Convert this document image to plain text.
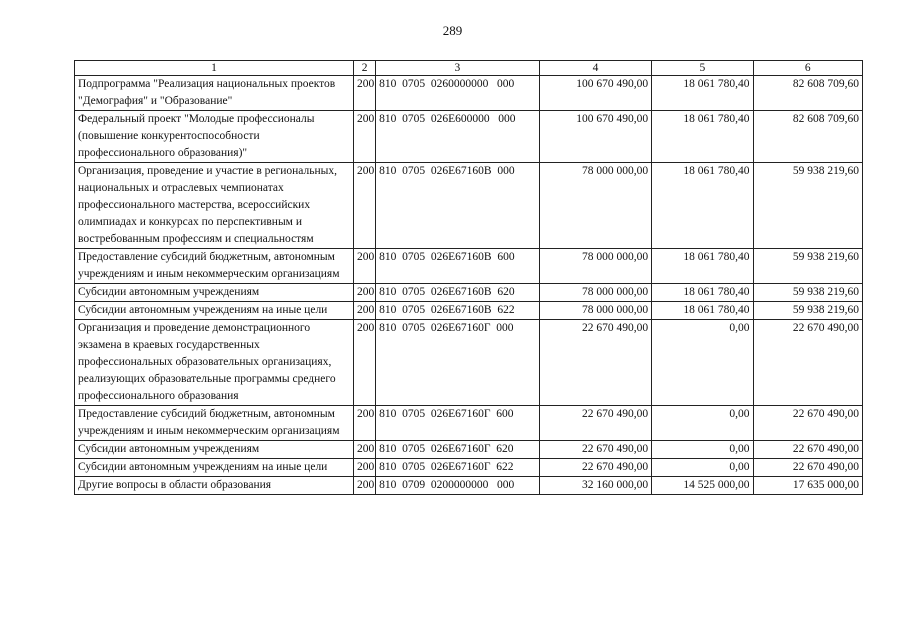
289
1	2	3	4	5	6
Подпрограмма "Реализация национальных проектов "Демография" и "Образование"	200	810  0705  0260000000   000	100 670 490,00	18 061 780,40	82 608 709,60
Федеральный проект "Молодые профессионалы (повышение конкурентоспособности профессионального образования)"	200	810  0705  026Е600000   000	100 670 490,00	18 061 780,40	82 608 709,60
Организация, проведение и участие в региональных, национальных и отраслевых чемпионатах профессионального мастерства, всероссийских олимпиадах и конкурсах по перспективным и востребованным профессиям и специальностям	200	810  0705  026Е67160В  000	78 000 000,00	18 061 780,40	59 938 219,60
Предоставление субсидий бюджетным, автономным учреждениям и иным некоммерческим организациям	200	810  0705  026Е67160В  600	78 000 000,00	18 061 780,40	59 938 219,60
Субсидии автономным учреждениям	200	810  0705  026Е67160В  620	78 000 000,00	18 061 780,40	59 938 219,60
Субсидии автономным учреждениям на иные цели	200	810  0705  026Е67160В  622	78 000 000,00	18 061 780,40	59 938 219,60
Организация и проведение демонстрационного экзамена в краевых государственных профессиональных образовательных организациях, реализующих образовательные программы среднего профессионального образования	200	810  0705  026Е67160Г  000	22 670 490,00	0,00	22 670 490,00
Предоставление субсидий бюджетным, автономным учреждениям и иным некоммерческим организациям	200	810  0705  026Е67160Г  600	22 670 490,00	0,00	22 670 490,00
Субсидии автономным учреждениям	200	810  0705  026Е67160Г  620	22 670 490,00	0,00	22 670 490,00
Субсидии автономным учреждениям на иные цели	200	810  0705  026Е67160Г  622	22 670 490,00	0,00	22 670 490,00
Другие вопросы в области образования	200	810  0709  0200000000   000	32 160 000,00	14 525 000,00	17 635 000,00
